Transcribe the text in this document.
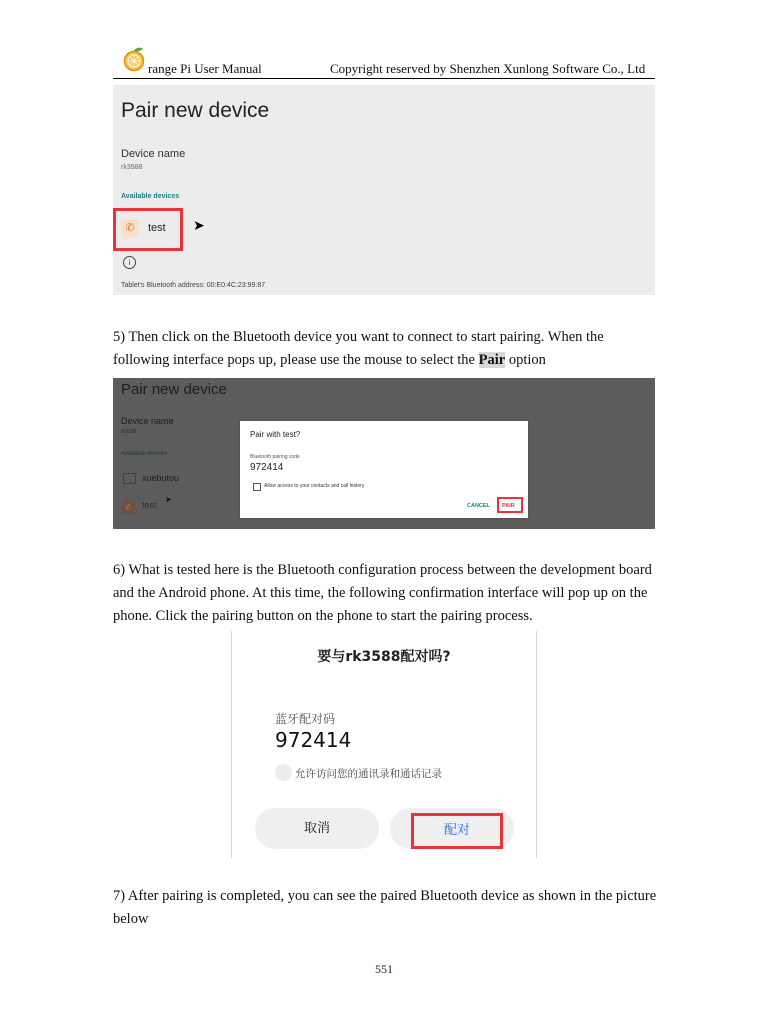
range Pi User Manual	Copyright reserved by Shenzhen Xunlong Software Co., Ltd
Pair new device
Device name
rk3588
Available devices
✆	test ➤
i
Tablet's Bluetooth address: 00:E0:4C:23:99:87
5) Then click on the Bluetooth device you want to connect to start pairing. When the following interface pops up, please use the mouse to select the Pair option
Pair new device
Device name
rk3588
Available devices
xuebutou
✆	test
➤
Pair with test?
Bluetooth pairing code
972414
Allow access to your contacts and call history
CANCEL PAIR
6) What is tested here is the Bluetooth configuration process between the development board and the Android phone. At this time, the following confirmation interface will pop up on the phone. Click the pairing button on the phone to start the pairing process.
要与rk3588配对吗?
蓝牙配对码
972414
允许访问您的通讯录和通话记录
取消	配对
7) After pairing is completed, you can see the paired Bluetooth device as shown in the picture below
551
